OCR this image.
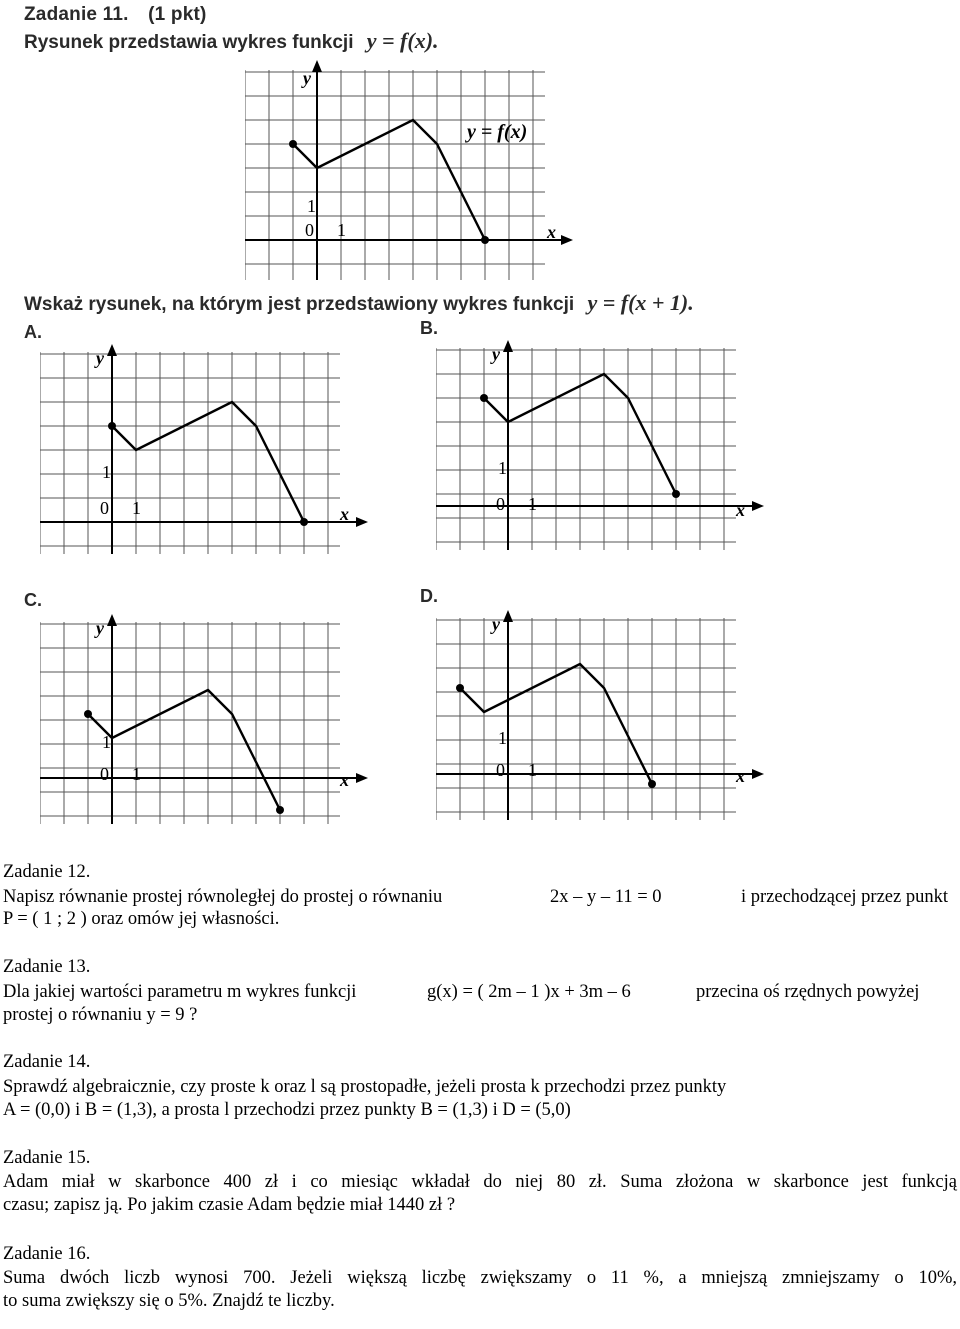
Zadanie 11. (1 pkt)
Rysunek przedstawia wykres funkcji y = f(x).
y
x
0 1
1
y = f(x)
Wskaż rysunek, na którym jest przedstawiony wykres funkcji y = f(x + 1).
A.	B.
C.	D.
y
x
0 1
1
y
x
0 1
1
y
x
0 1
1
y
x
0 1
1
Zadanie 12.
Napisz równanie prostej równoległej do prostej o równaniu	2x – y – 11 = 0	i przechodzącej przez punkt
P = ( 1 ; 2 ) oraz omów jej własności.
Zadanie 13.
Dla jakiej wartości parametru m wykres funkcji	g(x) = ( 2m – 1 )x + 3m – 6	przecina oś rzędnych powyżej
prostej o równaniu y = 9 ?
Zadanie 14.
Sprawdź algebraicznie, czy proste k oraz l są prostopadłe, jeżeli prosta k przechodzi przez punkty
A = (0,0) i B = (1,3), a prosta l przechodzi przez punkty B = (1,3) i D = (5,0)
Zadanie 15.
Adam miał w skarbonce 400 zł i co miesiąc wkładał do niej 80 zł. Suma złożona w skarbonce jest funkcją
czasu; zapisz ją. Po jakim czasie Adam będzie miał 1440 zł ?
Zadanie 16.
Suma dwóch liczb wynosi 700. Jeżeli większą liczbę zwiększamy o 11 %, a mniejszą zmniejszamy o 10%,
to suma zwiększy się o 5%. Znajdź te liczby.
